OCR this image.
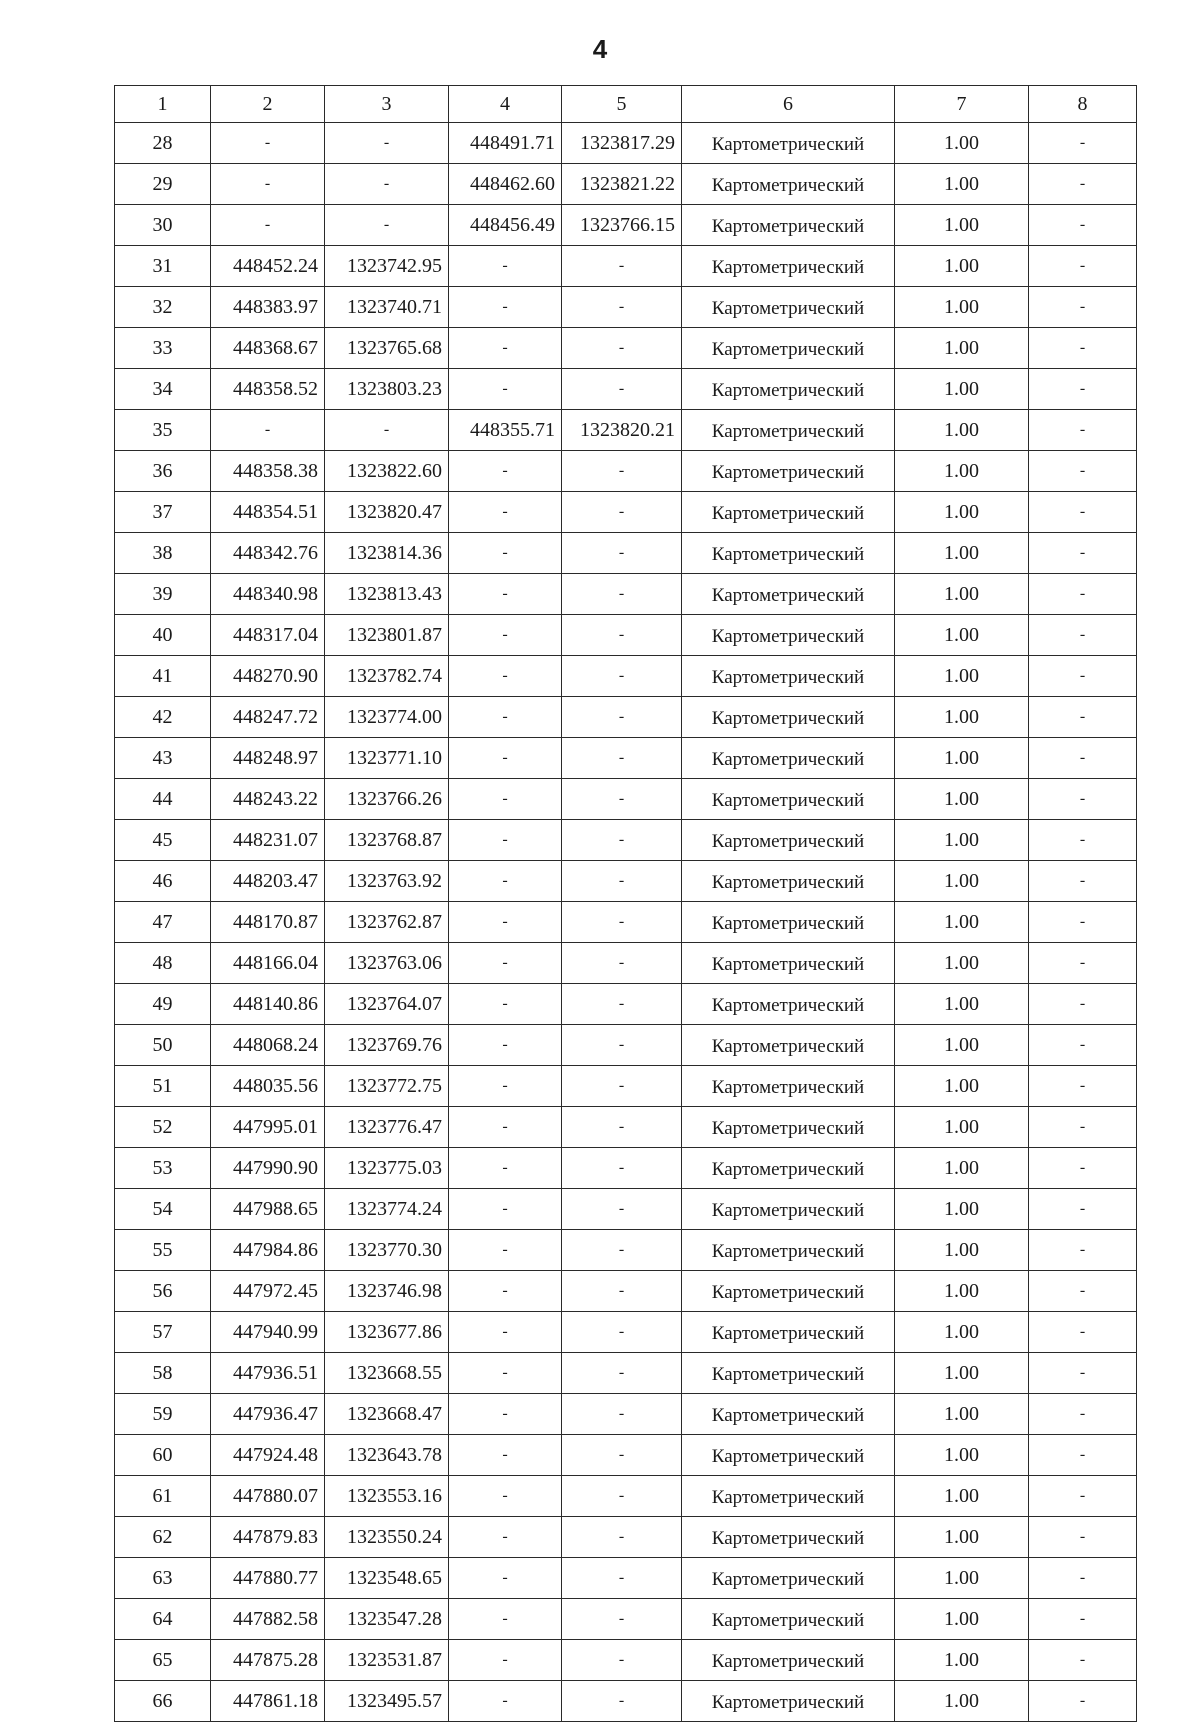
4
1	2	3	4	5	6	7	8
28	-	-	448491.71	1323817.29	Картометрический	1.00	-
29	-	-	448462.60	1323821.22	Картометрический	1.00	-
30	-	-	448456.49	1323766.15	Картометрический	1.00	-
31	448452.24	1323742.95	-	-	Картометрический	1.00	-
32	448383.97	1323740.71	-	-	Картометрический	1.00	-
33	448368.67	1323765.68	-	-	Картометрический	1.00	-
34	448358.52	1323803.23	-	-	Картометрический	1.00	-
35	-	-	448355.71	1323820.21	Картометрический	1.00	-
36	448358.38	1323822.60	-	-	Картометрический	1.00	-
37	448354.51	1323820.47	-	-	Картометрический	1.00	-
38	448342.76	1323814.36	-	-	Картометрический	1.00	-
39	448340.98	1323813.43	-	-	Картометрический	1.00	-
40	448317.04	1323801.87	-	-	Картометрический	1.00	-
41	448270.90	1323782.74	-	-	Картометрический	1.00	-
42	448247.72	1323774.00	-	-	Картометрический	1.00	-
43	448248.97	1323771.10	-	-	Картометрический	1.00	-
44	448243.22	1323766.26	-	-	Картометрический	1.00	-
45	448231.07	1323768.87	-	-	Картометрический	1.00	-
46	448203.47	1323763.92	-	-	Картометрический	1.00	-
47	448170.87	1323762.87	-	-	Картометрический	1.00	-
48	448166.04	1323763.06	-	-	Картометрический	1.00	-
49	448140.86	1323764.07	-	-	Картометрический	1.00	-
50	448068.24	1323769.76	-	-	Картометрический	1.00	-
51	448035.56	1323772.75	-	-	Картометрический	1.00	-
52	447995.01	1323776.47	-	-	Картометрический	1.00	-
53	447990.90	1323775.03	-	-	Картометрический	1.00	-
54	447988.65	1323774.24	-	-	Картометрический	1.00	-
55	447984.86	1323770.30	-	-	Картометрический	1.00	-
56	447972.45	1323746.98	-	-	Картометрический	1.00	-
57	447940.99	1323677.86	-	-	Картометрический	1.00	-
58	447936.51	1323668.55	-	-	Картометрический	1.00	-
59	447936.47	1323668.47	-	-	Картометрический	1.00	-
60	447924.48	1323643.78	-	-	Картометрический	1.00	-
61	447880.07	1323553.16	-	-	Картометрический	1.00	-
62	447879.83	1323550.24	-	-	Картометрический	1.00	-
63	447880.77	1323548.65	-	-	Картометрический	1.00	-
64	447882.58	1323547.28	-	-	Картометрический	1.00	-
65	447875.28	1323531.87	-	-	Картометрический	1.00	-
66	447861.18	1323495.57	-	-	Картометрический	1.00	-
